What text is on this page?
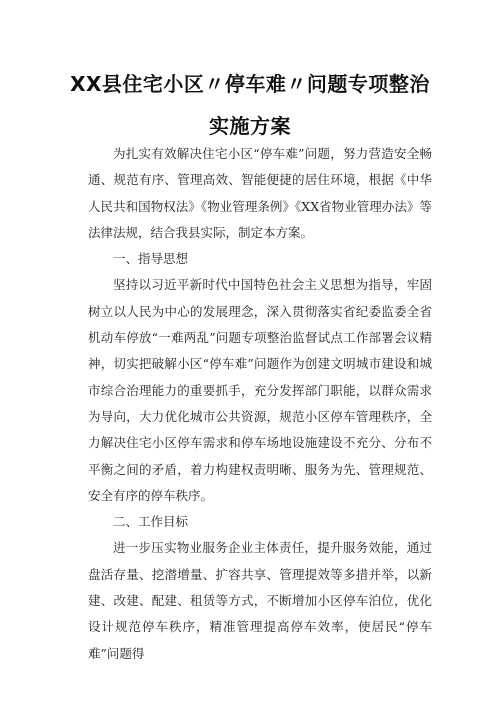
XX县住宅小区〃停车难〃问题专项整治
实施方案
为扎实有效解决住宅小区“停车难”问题，努力营造安全畅通、规范有序、管理高效、智能便捷的居住环境，根据《中华人民共和国物权法》《物业管理条例》《XX省物业管理办法》等法律法规，结合我县实际，制定本方案。
一、指导思想
坚持以习近平新时代中国特色社会主义思想为指导，牢固树立以人民为中心的发展理念，深入贯彻落实省纪委监委全省机动车停放“一难两乱”问题专项整治监督试点工作部署会议精神，切实把破解小区“停车难”问题作为创建文明城市建设和城市综合治理能力的重要抓手，充分发挥部门职能，以群众需求为导向，大力优化城市公共资源，规范小区停车管理秩序，全力解决住宅小区停车需求和停车场地设施建设不充分、分布不平衡之间的矛盾，着力构建权责明晰、服务为先、管理规范、安全有序的停车秩序。
二、工作目标
进一步压实物业服务企业主体责任，提升服务效能，通过盘活存量、挖潜增量、扩容共享、管理提效等多措并举，以新建、改建、配建、租赁等方式，不断增加小区停车泊位，优化设计规范停车秩序，精准管理提高停车效率，使居民“停车难”问题得
